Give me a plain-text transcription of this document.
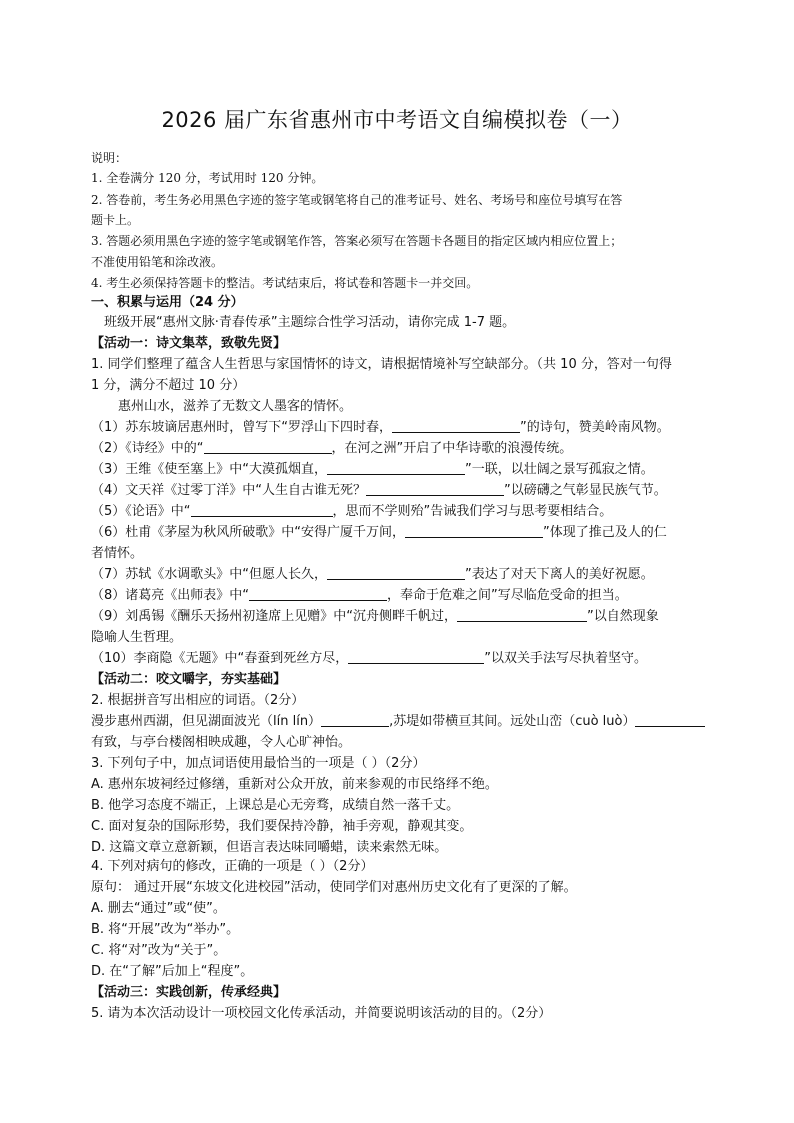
2026 届广东省惠州市中考语文自编模拟卷（一）
说明：
1. 全卷满分 120 分，考试用时 120 分钟。
2. 答卷前，考生务必用黑色字迹的签字笔或钢笔将自己的准考证号、姓名、考场号和座位号填写在答
题卡上。
3. 答题必须用黑色字迹的签字笔或钢笔作答，答案必须写在答题卡各题目的指定区域内相应位置上；
不准使用铅笔和涂改液。
4. 考生必须保持答题卡的整洁。考试结束后，将试卷和答题卡一并交回。
一、积累与运用（24 分）
班级开展“惠州文脉·青春传承”主题综合性学习活动，请你完成 1-7 题。
【活动一：诗文集萃，致敬先贤】
1. 同学们整理了蕴含人生哲思与家国情怀的诗文，请根据情境补写空缺部分。（共 10 分，答对一句得
1 分，满分不超过 10 分）
惠州山水，滋养了无数文人墨客的情怀。
（1）苏东坡谪居惠州时，曾写下“罗浮山下四时春，	”的诗句，赞美岭南风物。
（2）《诗经》中的“	，在河之洲”开启了中华诗歌的浪漫传统。
（3）王维《使至塞上》中“大漠孤烟直，	”一联，以壮阔之景写孤寂之情。
（4）文天祥《过零丁洋》中“人生自古谁无死？	”以磅礴之气彰显民族气节。
（5）《论语》中“	，思而不学则殆”告诫我们学习与思考要相结合。
（6）杜甫《茅屋为秋风所破歌》中“安得广厦千万间，	”体现了推己及人的仁
者情怀。
（7）苏轼《水调歌头》中“但愿人长久，	”表达了对天下离人的美好祝愿。
（8）诸葛亮《出师表》中“	，奉命于危难之间”写尽临危受命的担当。
（9）刘禹锡《酬乐天扬州初逢席上见赠》中“沉舟侧畔千帆过，	”以自然现象
隐喻人生哲理。
（10）李商隐《无题》中“春蚕到死丝方尽，	”以双关手法写尽执着坚守。
【活动二：咬文嚼字，夯实基础】
2. 根据拼音写出相应的词语。（2分）
漫步惠州西湖，但见湖面波光（lín lín）	,苏堤如带横亘其间。远处山峦（cuò luò）
有致，与亭台楼阁相映成趣，令人心旷神怡。
3. 下列句子中，加点词语使用最恰当的一项是（ ）（2分）
A. 惠州东坡祠经过修缮，重新对公众开放，前来参观的市民络绎不绝。
B. 他学习态度不端正，上课总是心无旁骛，成绩自然一落千丈。
C. 面对复杂的国际形势，我们要保持冷静，袖手旁观，静观其变。
D. 这篇文章立意新颖，但语言表达味同嚼蜡，读来索然无味。
4. 下列对病句的修改，正确的一项是（ ）（2分）
原句： 通过开展“东坡文化进校园”活动，使同学们对惠州历史文化有了更深的了解。
A. 删去“通过”或“使”。
B. 将“开展”改为“举办”。
C. 将“对”改为“关于”。
D. 在“了解”后加上“程度”。
【活动三：实践创新，传承经典】
5. 请为本次活动设计一项校园文化传承活动，并简要说明该活动的目的。（2分）
